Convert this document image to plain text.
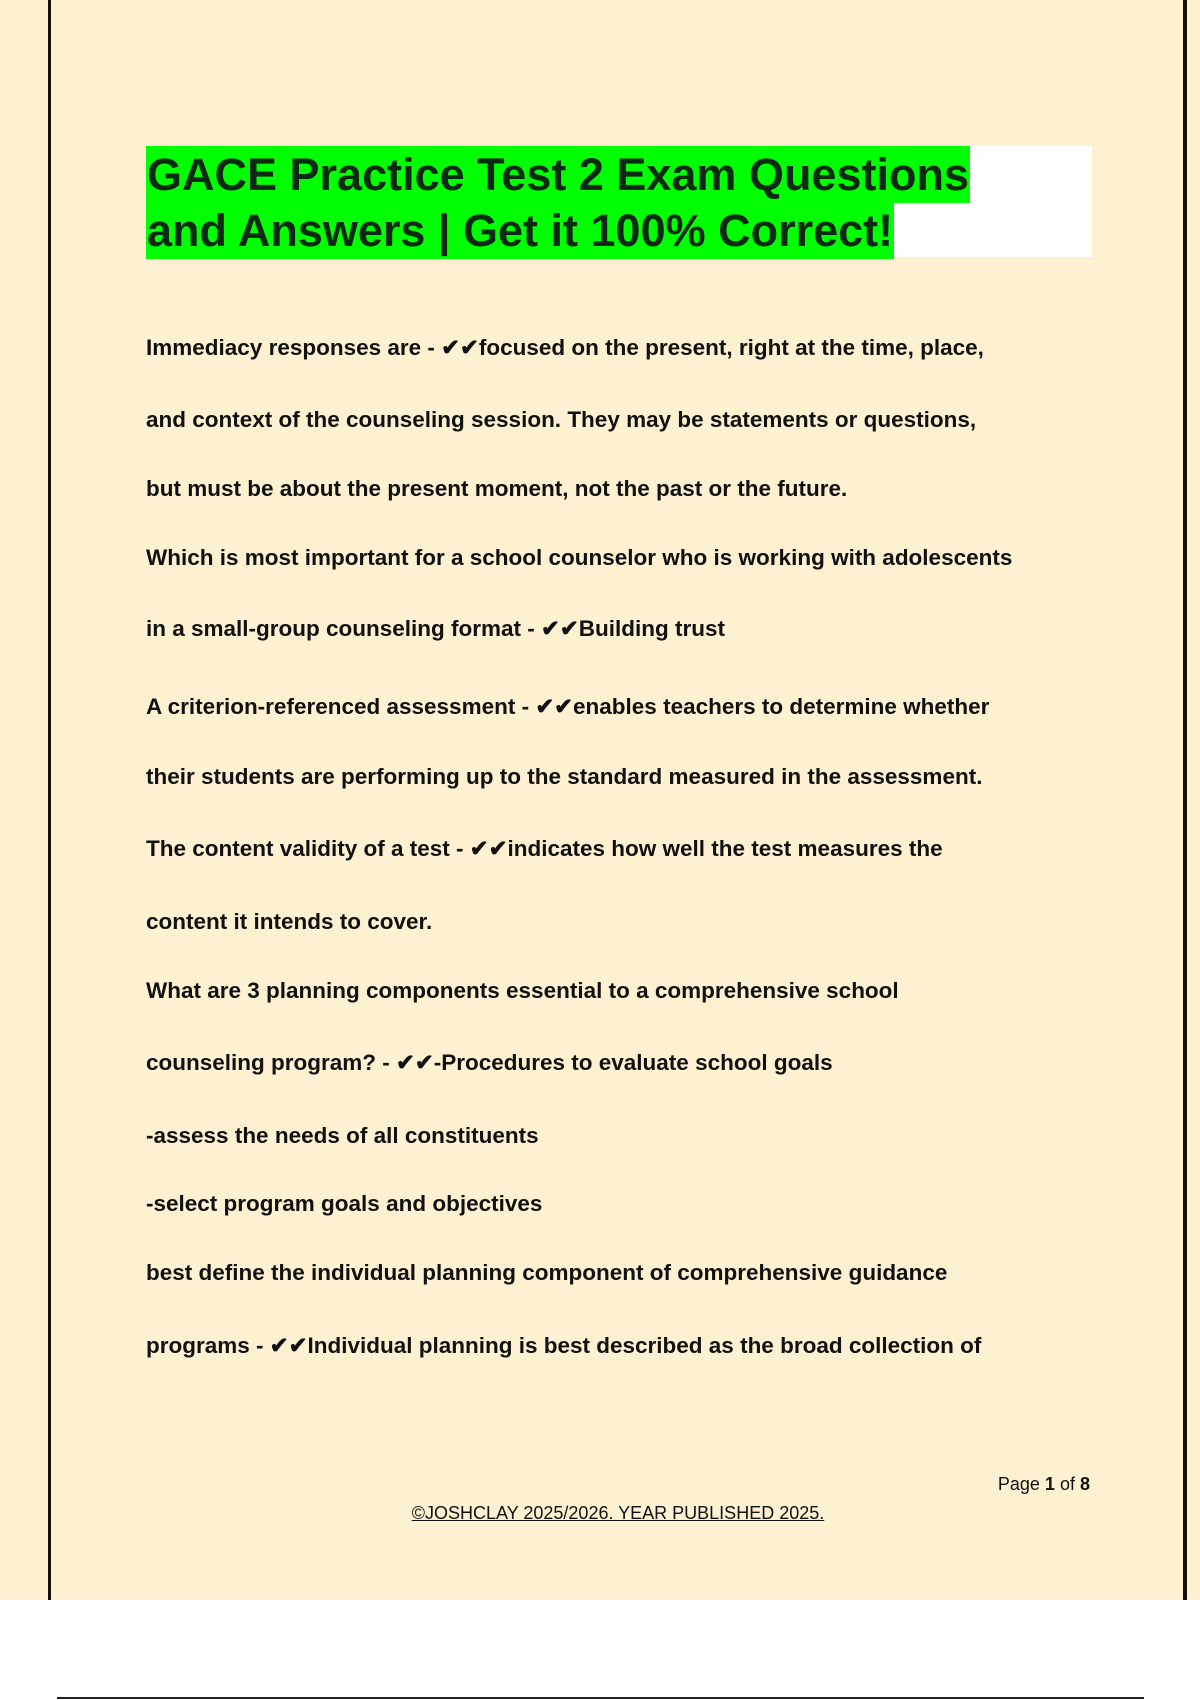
GACE Practice Test 2 Exam Questions
and Answers | Get it 100% Correct!

Immediacy responses are - ✔✔focused on the present, right at the time, place,

and context of the counseling session. They may be statements or questions,

but must be about the present moment, not the past or the future.

Which is most important for a school counselor who is working with adolescents

in a small-group counseling format - ✔✔Building trust

A criterion-referenced assessment - ✔✔enables teachers to determine whether

their students are performing up to the standard measured in the assessment.

The content validity of a test - ✔✔indicates how well the test measures the

content it intends to cover.

What are 3 planning components essential to a comprehensive school

counseling program? - ✔✔-Procedures to evaluate school goals

-assess the needs of all constituents

-select program goals and objectives

best define the individual planning component of comprehensive guidance

programs - ✔✔Individual planning is best described as the broad collection of

Page 1 of 8
©JOSHCLAY 2025/2026. YEAR PUBLISHED 2025.
